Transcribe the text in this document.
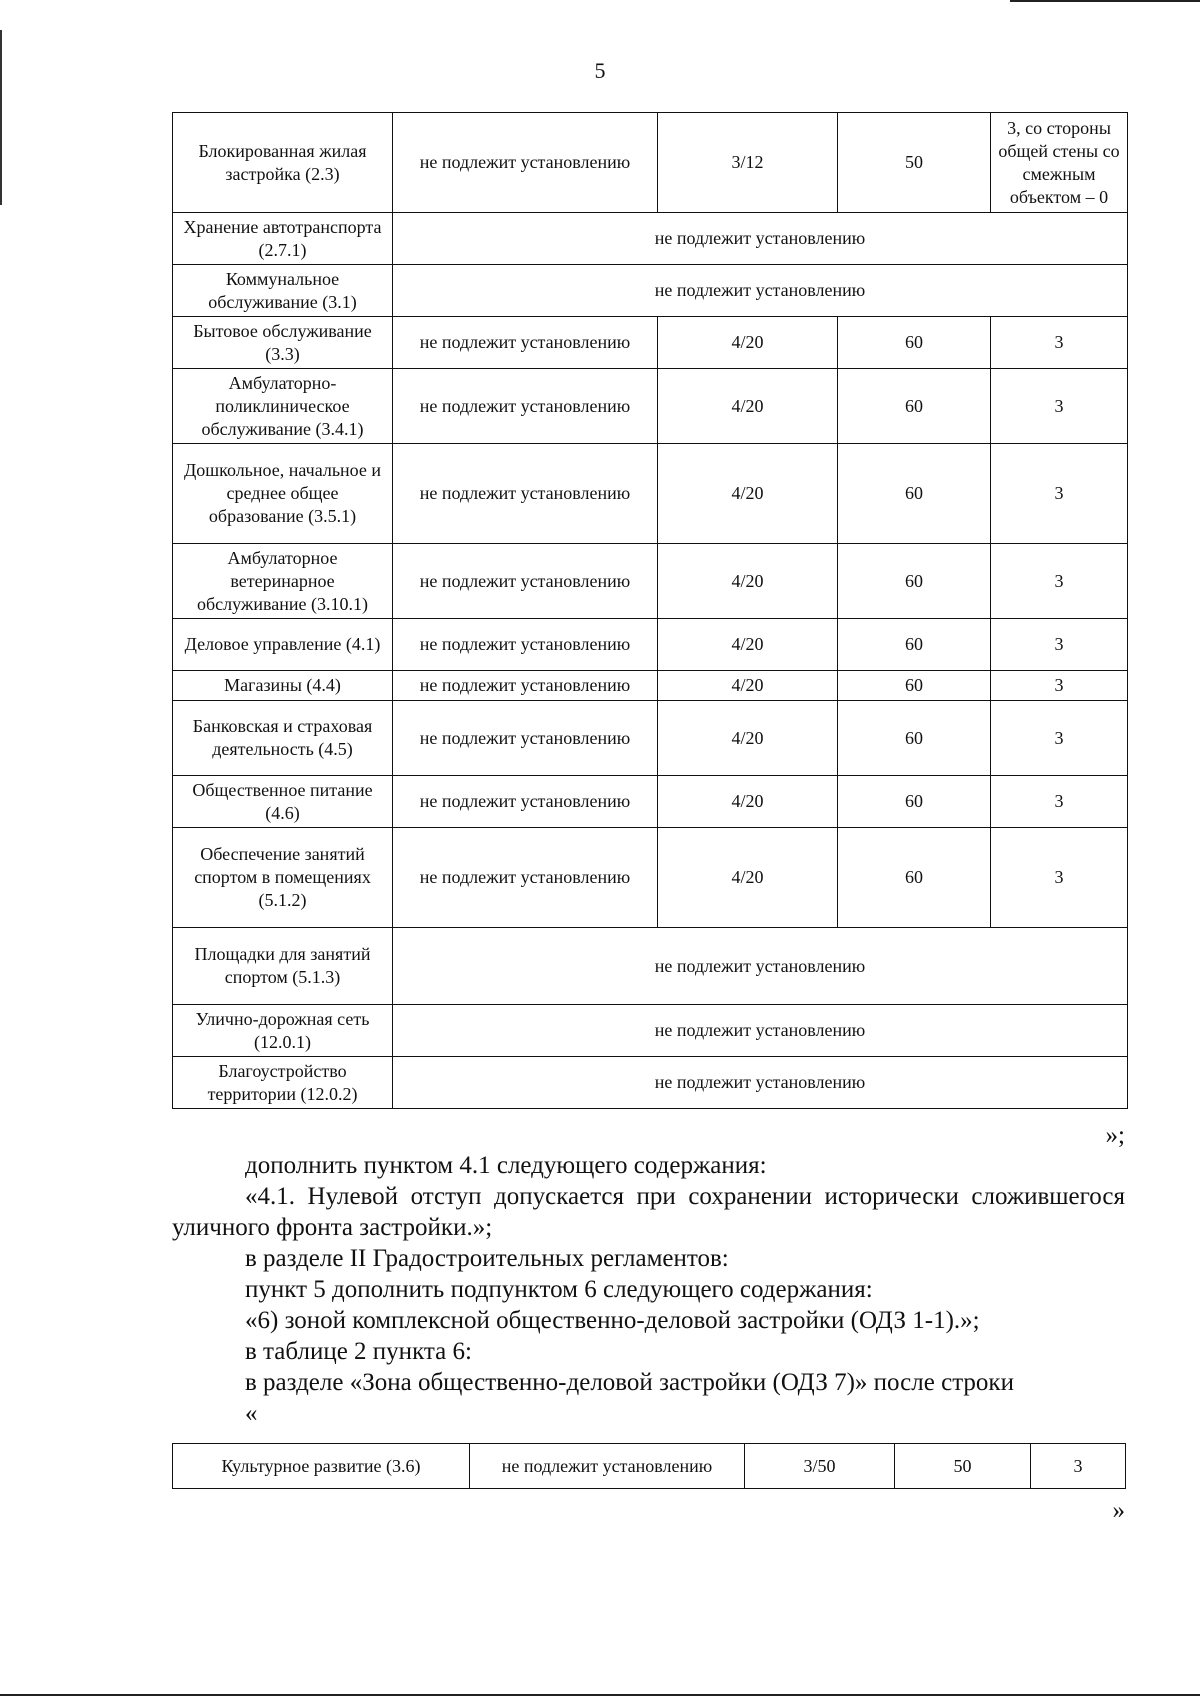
5
Блокированная жилая застройка (2.3)	не подлежит установлению	3/12	50	3, со стороны общей стены со смежным объектом – 0
Хранение автотранспорта (2.7.1)	не подлежит установлению			
Коммунальное обслуживание (3.1)	не подлежит установлению			
Бытовое обслуживание (3.3)	не подлежит установлению	4/20	60	3
Амбулаторно-поликлиническое обслуживание (3.4.1)	не подлежит установлению	4/20	60	3
Дошкольное, начальное и среднее общее образование (3.5.1)	не подлежит установлению	4/20	60	3
Амбулаторное ветеринарное обслуживание (3.10.1)	не подлежит установлению	4/20	60	3
Деловое управление (4.1)	не подлежит установлению	4/20	60	3
Магазины (4.4)	не подлежит установлению	4/20	60	3
Банковская и страховая деятельность (4.5)	не подлежит установлению	4/20	60	3
Общественное питание (4.6)	не подлежит установлению	4/20	60	3
Обеспечение занятий спортом в помещениях (5.1.2)	не подлежит установлению	4/20	60	3
Площадки для занятий спортом (5.1.3)	не подлежит установлению			
Улично-дорожная сеть (12.0.1)	не подлежит установлению			
Благоустройство территории (12.0.2)	не подлежит установлению			

»;

дополнить пунктом 4.1 следующего содержания:

«4.1. Нулевой отступ допускается при сохранении исторически сложившегося уличного фронта застройки.»;

в разделе II Градостроительных регламентов:

пункт 5 дополнить подпунктом 6 следующего содержания:

«6) зоной комплексной общественно-деловой застройки (ОДЗ 1-1).»;

в таблице 2 пункта 6:

в разделе «Зона общественно-деловой застройки (ОДЗ 7)» после строки

«

Культурное развитие (3.6)	не подлежит установлению	3/50	50	3

»
